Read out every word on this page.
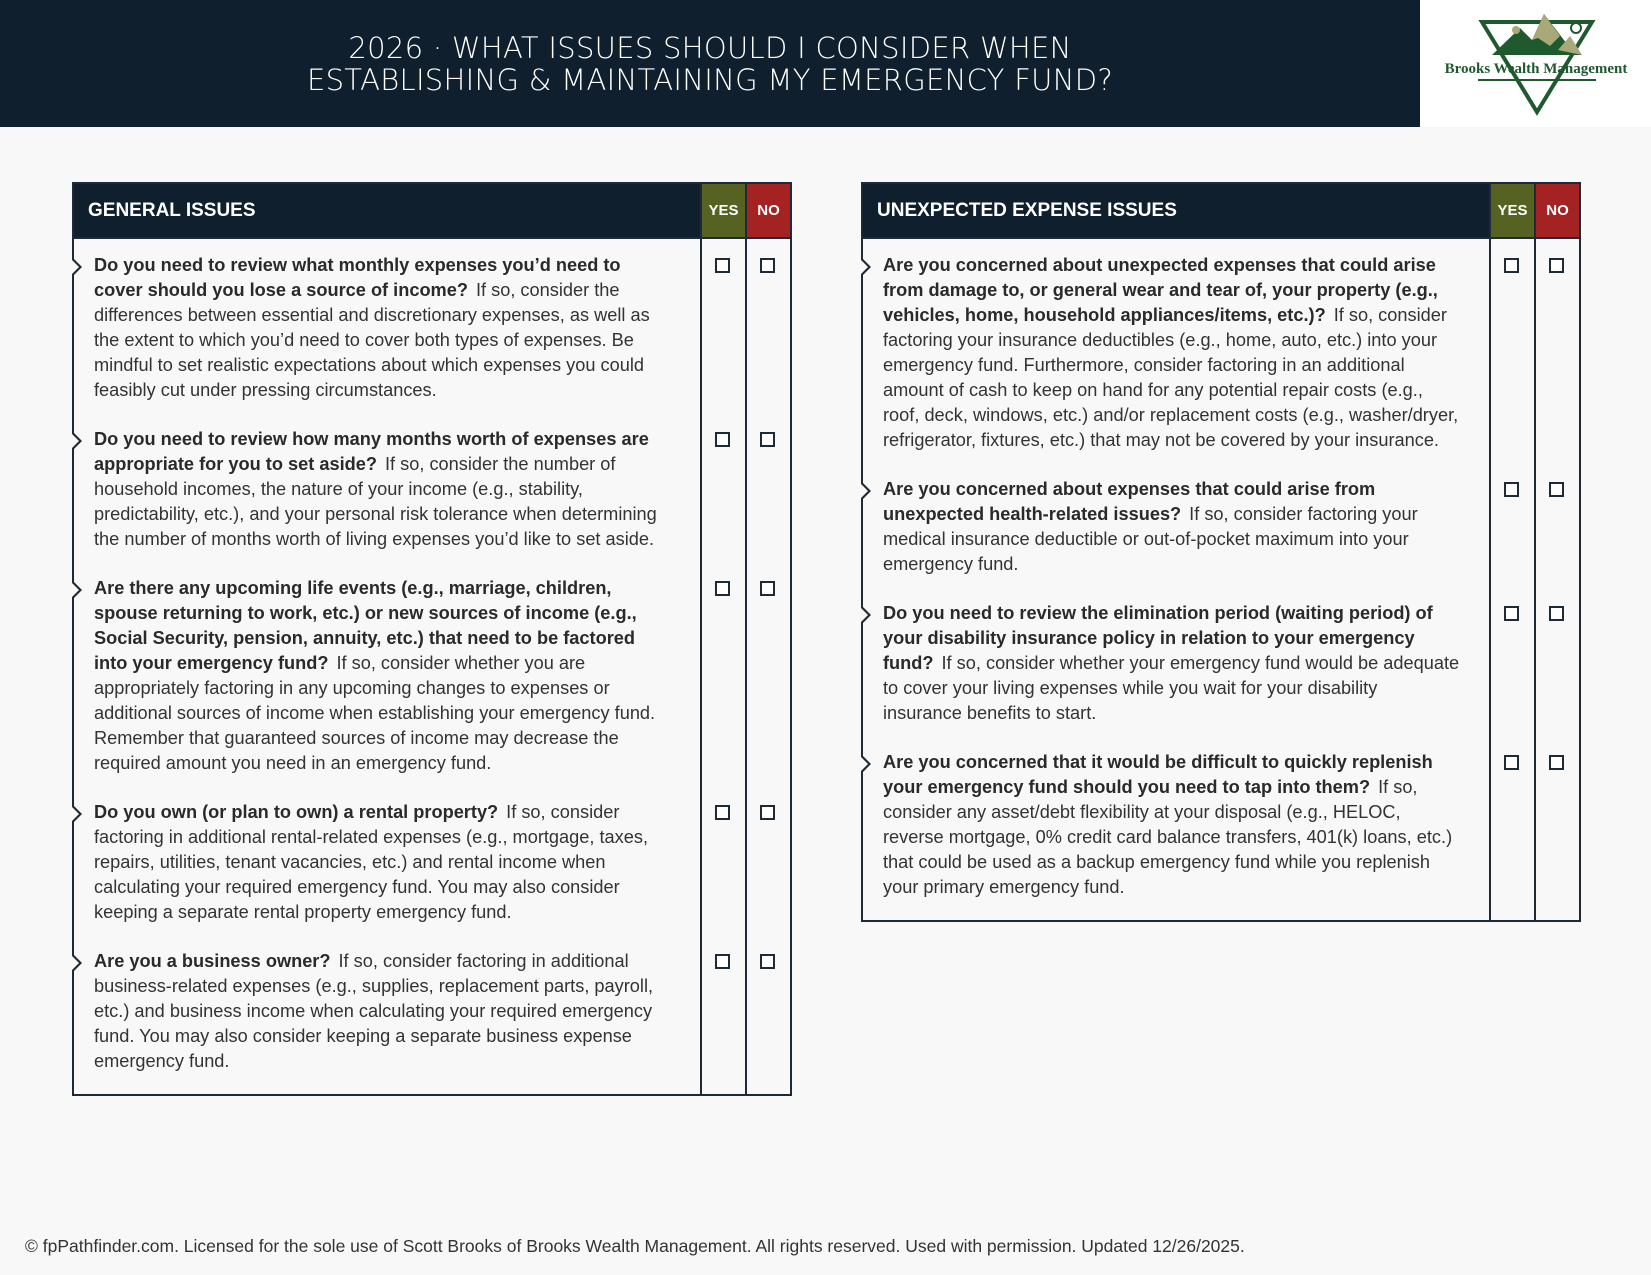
2026 · WHAT ISSUES SHOULD I CONSIDER WHEN
ESTABLISHING & MAINTAINING MY EMERGENCY FUND?	Brooks Wealth Management
GENERAL ISSUES	YES	NO
Do you need to review what monthly expenses you’d need to cover should you lose a source of income? If so, consider the differences between essential and discretionary expenses, as well as the extent to which you’d need to cover both types of expenses. Be mindful to set realistic expectations about which expenses you could feasibly cut under pressing circumstances.
Do you need to review how many months worth of expenses are appropriate for you to set aside? If so, consider the number of household incomes, the nature of your income (e.g., stability, predictability, etc.), and your personal risk tolerance when determining the number of months worth of living expenses you’d like to set aside.
Are there any upcoming life events (e.g., marriage, children, spouse returning to work, etc.) or new sources of income (e.g., Social Security, pension, annuity, etc.) that need to be factored into your emergency fund? If so, consider whether you are appropriately factoring in any upcoming changes to expenses or additional sources of income when establishing your emergency fund. Remember that guaranteed sources of income may decrease the required amount you need in an emergency fund.
Do you own (or plan to own) a rental property? If so, consider factoring in additional rental-related expenses (e.g., mortgage, taxes, repairs, utilities, tenant vacancies, etc.) and rental income when calculating your required emergency fund. You may also consider keeping a separate rental property emergency fund.
Are you a business owner? If so, consider factoring in additional business-related expenses (e.g., supplies, replacement parts, payroll, etc.) and business income when calculating your required emergency fund. You may also consider keeping a separate business expense emergency fund.
UNEXPECTED EXPENSE ISSUES	YES	NO
Are you concerned about unexpected expenses that could arise from damage to, or general wear and tear of, your property (e.g., vehicles, home, household appliances/items, etc.)? If so, consider factoring your insurance deductibles (e.g., home, auto, etc.) into your emergency fund. Furthermore, consider factoring in an additional amount of cash to keep on hand for any potential repair costs (e.g., roof, deck, windows, etc.) and/or replacement costs (e.g., washer/dryer, refrigerator, fixtures, etc.) that may not be covered by your insurance.
Are you concerned about expenses that could arise from unexpected health-related issues? If so, consider factoring your medical insurance deductible or out-of-pocket maximum into your emergency fund.
Do you need to review the elimination period (waiting period) of your disability insurance policy in relation to your emergency fund? If so, consider whether your emergency fund would be adequate to cover your living expenses while you wait for your disability insurance benefits to start.
Are you concerned that it would be difficult to quickly replenish your emergency fund should you need to tap into them? If so, consider any asset/debt flexibility at your disposal (e.g., HELOC, reverse mortgage, 0% credit card balance transfers, 401(k) loans, etc.) that could be used as a backup emergency fund while you replenish your primary emergency fund.
© fpPathfinder.com. Licensed for the sole use of Scott Brooks of Brooks Wealth Management. All rights reserved. Used with permission. Updated 12/26/2025.
